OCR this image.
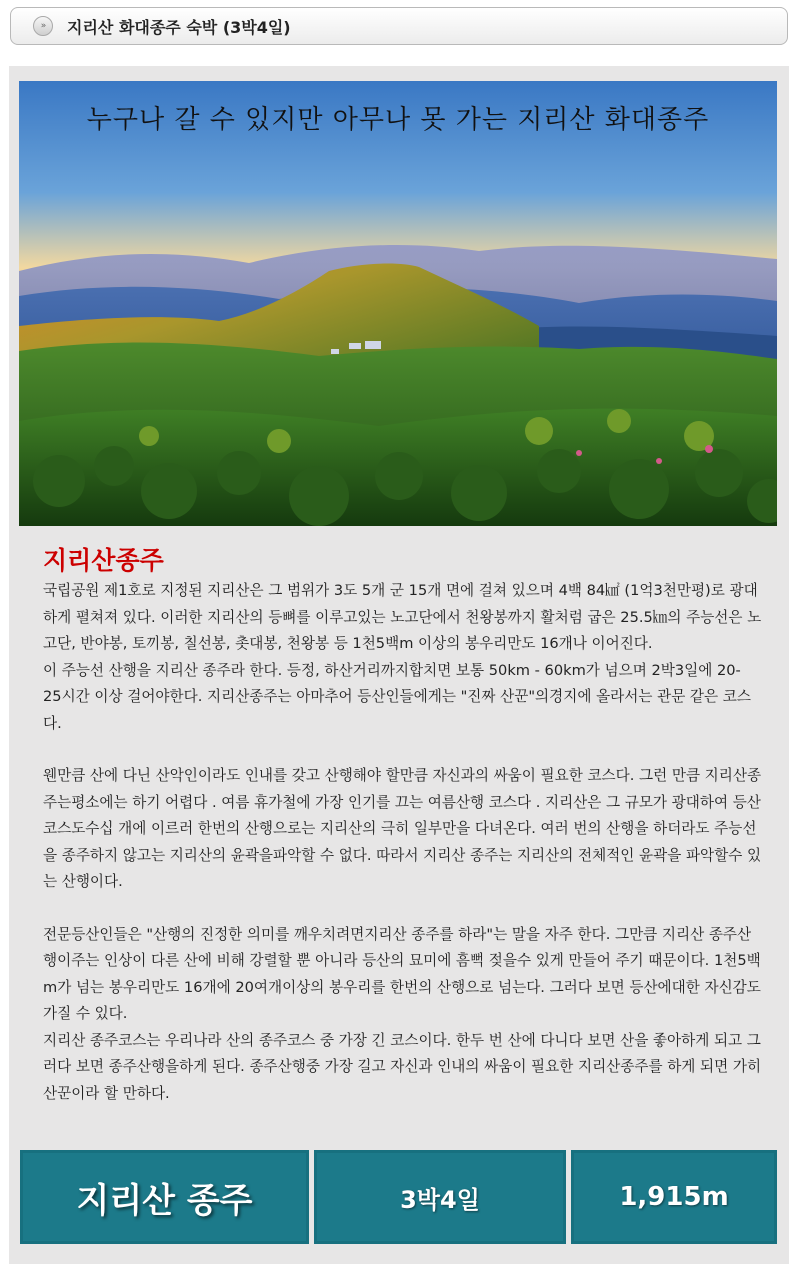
»	지리산 화대종주 숙박 (3박4일)
누구나 갈 수 있지만 아무나 못 가는 지리산 화대종주
지리산종주

국립공원 제1호로 지정된 지리산은 그 범위가 3도 5개 군 15개 면에 걸쳐 있으며 4백 84㎢ (1억3천만평)로 광대하게 펼쳐져 있다. 이러한 지리산의 등뼈를 이루고있는 노고단에서 천왕봉까지 활처럼 굽은 25.5㎞의 주능선은 노고단, 반야봉, 토끼봉, 칠선봉, 촛대봉, 천왕봉 등 1천5백m 이상의 봉우리만도 16개나 이어진다.

이 주능선 산행을 지리산 종주라 한다. 등정, 하산거리까지합치면 보통 50km - 60km가 넘으며 2박3일에 20- 25시간 이상 걸어야한다. 지리산종주는 아마추어 등산인들에게는 "진짜 산꾼"의경지에 올라서는 관문 같은 코스다.

웬만큼 산에 다닌 산악인이라도 인내를 갖고 산행해야 할만큼 자신과의 싸움이 필요한 코스다. 그런 만큼 지리산종주는평소에는 하기 어렵다 . 여름 휴가철에 가장 인기를 끄는 여름산행 코스다 . 지리산은 그 규모가 광대하여 등산코스도수십 개에 이르러 한번의 산행으로는 지리산의 극히 일부만을 다녀온다. 여러 번의 산행을 하더라도 주능선을 종주하지 않고는 지리산의 윤곽을파악할 수 없다. 따라서 지리산 종주는 지리산의 전체적인 윤곽을 파악할수 있는 산행이다.

전문등산인들은 "산행의 진정한 의미를 깨우치려면지리산 종주를 하라"는 말을 자주 한다. 그만큼 지리산 종주산행이주는 인상이 다른 산에 비해 강렬할 뿐 아니라 등산의 묘미에 흠뻑 젖을수 있게 만들어 주기 때문이다. 1천5백m가 넘는 봉우리만도 16개에 20여개이상의 봉우리를 한번의 산행으로 넘는다. 그러다 보면 등산에대한 자신감도 가질 수 있다.

지리산 종주코스는 우리나라 산의 종주코스 중 가장 긴 코스이다. 한두 번 산에 다니다 보면 산을 좋아하게 되고 그러다 보면 종주산행을하게 된다. 종주산행중 가장 길고 자신과 인내의 싸움이 필요한 지리산종주를 하게 되면 가히 산꾼이라 할 만하다.

지리산 종주	3박4일	1,915m
